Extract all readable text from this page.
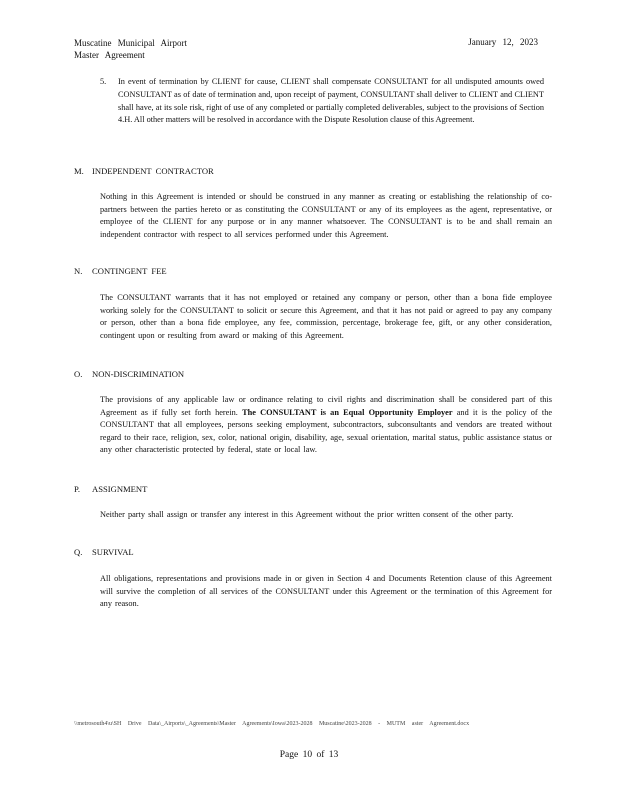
Muscatine Municipal Airport
Master Agreement
January 12, 2023
5. In event of termination by CLIENT for cause, CLIENT shall compensate CONSULTANT for all undisputed amounts owed CONSULTANT as of date of termination and, upon receipt of payment, CONSULTANT shall deliver to CLIENT and CLIENT shall have, at its sole risk, right of use of any completed or partially completed deliverables, subject to the provisions of Section 4.H. All other matters will be resolved in accordance with the Dispute Resolution clause of this Agreement.
M. INDEPENDENT CONTRACTOR
Nothing in this Agreement is intended or should be construed in any manner as creating or establishing the relationship of co-partners between the parties hereto or as constituting the CONSULTANT or any of its employees as the agent, representative, or employee of the CLIENT for any purpose or in any manner whatsoever. The CONSULTANT is to be and shall remain an independent contractor with respect to all services performed under this Agreement.
N. CONTINGENT FEE
The CONSULTANT warrants that it has not employed or retained any company or person, other than a bona fide employee working solely for the CONSULTANT to solicit or secure this Agreement, and that it has not paid or agreed to pay any company or person, other than a bona fide employee, any fee, commission, percentage, brokerage fee, gift, or any other consideration, contingent upon or resulting from award or making of this Agreement.
O. NON-DISCRIMINATION
The provisions of any applicable law or ordinance relating to civil rights and discrimination shall be considered part of this Agreement as if fully set forth herein. The CONSULTANT is an Equal Opportunity Employer and it is the policy of the CONSULTANT that all employees, persons seeking employment, subcontractors, subconsultants and vendors are treated without regard to their race, religion, sex, color, national origin, disability, age, sexual orientation, marital status, public assistance status or any other characteristic protected by federal, state or local law.
P. ASSIGNMENT
Neither party shall assign or transfer any interest in this Agreement without the prior written consent of the other party.
Q. SURVIVAL
All obligations, representations and provisions made in or given in Section 4 and Documents Retention clause of this Agreement will survive the completion of all services of the CONSULTANT under this Agreement or the termination of this Agreement for any reason.
\\metrosouth4\u\SH Drive Data\_Airports\_Agreements\Master Agreements\Iowa\2023-2028 Muscatine\2023-2028 - MUTM aster Agreement.docx
Page 10 of 13
